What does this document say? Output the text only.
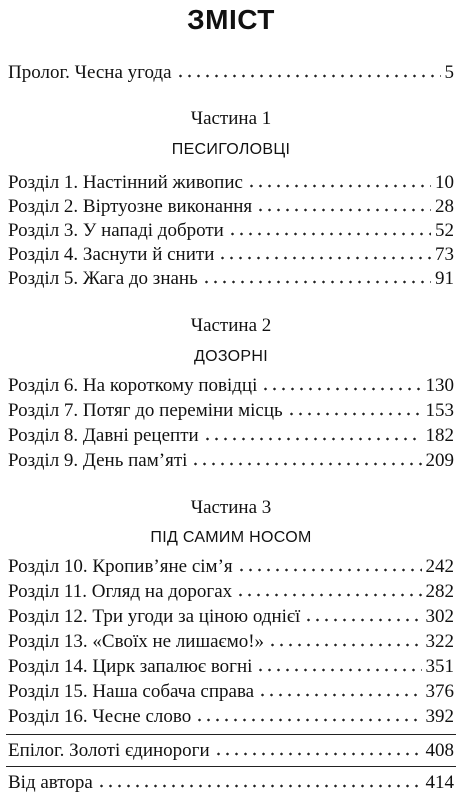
ЗМІСТ
Пролог. Чесна угода	5
Частина 1
ПЕСИГОЛОВЦІ
Розділ 1. Настінний живопис	10
Розділ 2. Віртуозне виконання	28
Розділ 3. У нападі доброти	52
Розділ 4. Заснути й снити	73
Розділ 5. Жага до знань	91
Частина 2
ДОЗОРНІ
Розділ 6. На короткому повідці	130
Розділ 7. Потяг до переміни місць	153
Розділ 8. Давні рецепти	182
Розділ 9. День пам’яті	209
Частина 3
ПІД САМИМ НОСОМ
Розділ 10. Кропив’яне сім’я	242
Розділ 11. Огляд на дорогах	282
Розділ 12. Три угоди за ціною однієї	302
Розділ 13. «Своїх не лишаємо!»	322
Розділ 14. Цирк запалює вогні	351
Розділ 15. Наша собача справа	376
Розділ 16. Чесне слово	392
Епілог. Золоті єдинороги	408
Від автора	414
